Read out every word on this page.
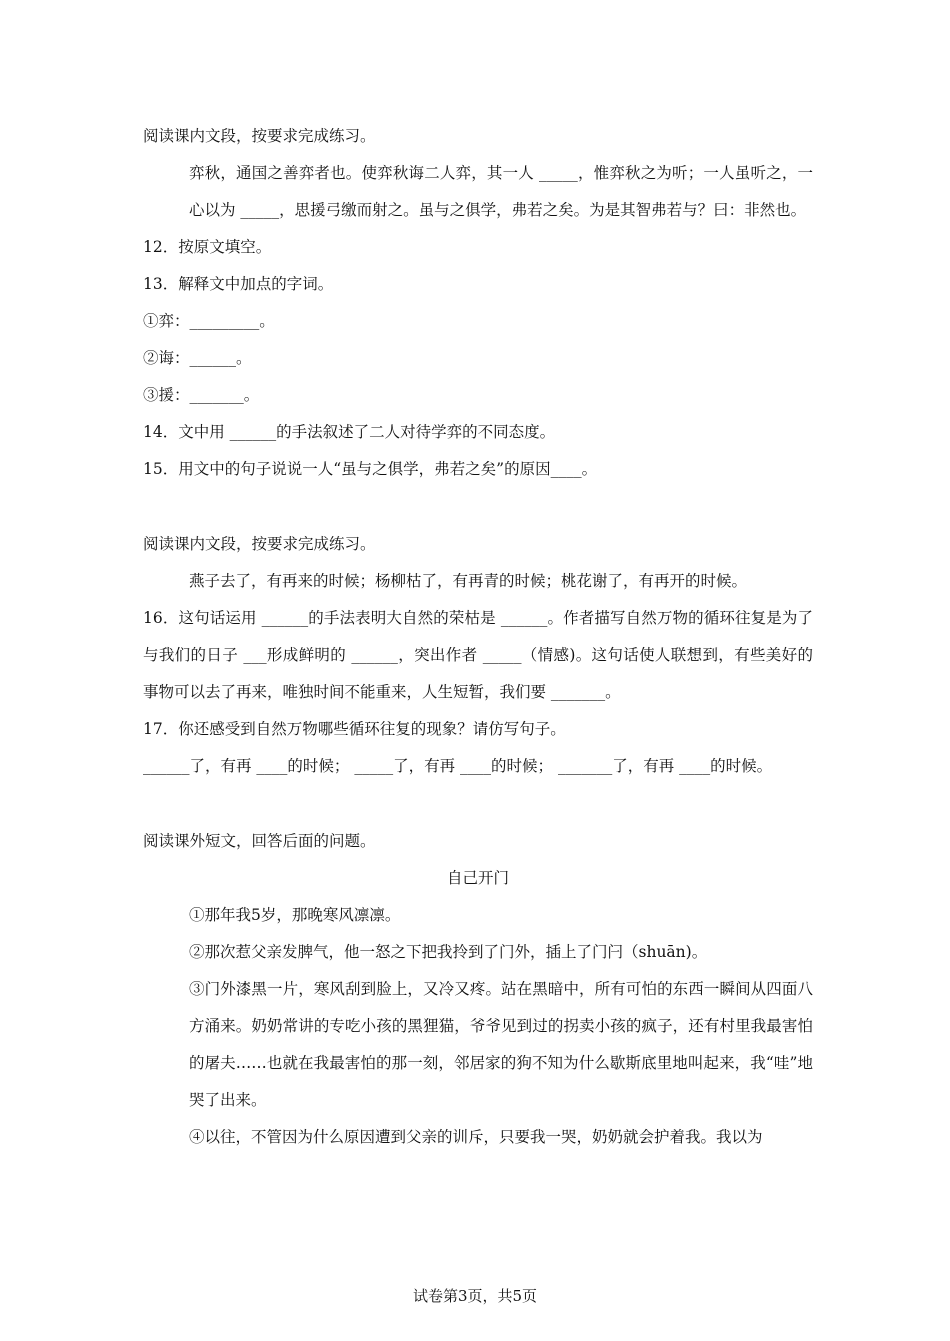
阅读课内文段，按要求完成练习。

弈秋，通国之善弈者也。使弈秋诲二人弈，其一人 _____，惟弈秋之为听；一人虽听之，一心以为 _____，思援弓缴而射之。虽与之俱学，弗若之矣。为是其智弗若与？曰：非然也。

12．按原文填空。

13．解释文中加点的字词。

①弈：_________。

②诲：______。

③援：_______。

14．文中用 ______的手法叙述了二人对待学弈的不同态度。

15．用文中的句子说说一人“虽与之俱学，弗若之矣”的原因____。

阅读课内文段，按要求完成练习。

燕子去了，有再来的时候；杨柳枯了，有再青的时候；桃花谢了，有再开的时候。

16．这句话运用 ______的手法表明大自然的荣枯是 ______。作者描写自然万物的循环往复是为了与我们的日子 ___形成鲜明的 ______，突出作者 _____（情感)。这句话使人联想到，有些美好的事物可以去了再来，唯独时间不能重来，人生短暂，我们要 _______。

17．你还感受到自然万物哪些循环往复的现象？请仿写句子。

______了，有再 ____的时候； _____了，有再 ____的时候； _______了，有再 ____的时候。

阅读课外短文，回答后面的问题。

自己开门

①那年我5岁，那晚寒风凛凛。

②那次惹父亲发脾气，他一怒之下把我拎到了门外，插上了门闩（shuān)。

③门外漆黑一片，寒风刮到脸上，又冷又疼。站在黑暗中，所有可怕的东西一瞬间从四面八方涌来。奶奶常讲的专吃小孩的黑狸猫，爷爷见到过的拐卖小孩的疯子，还有村里我最害怕的屠夫……也就在我最害怕的那一刻，邻居家的狗不知为什么歇斯底里地叫起来，我“哇”地哭了出来。

④以往，不管因为什么原因遭到父亲的训斥，只要我一哭，奶奶就会护着我。我以为

试卷第3页，共5页
